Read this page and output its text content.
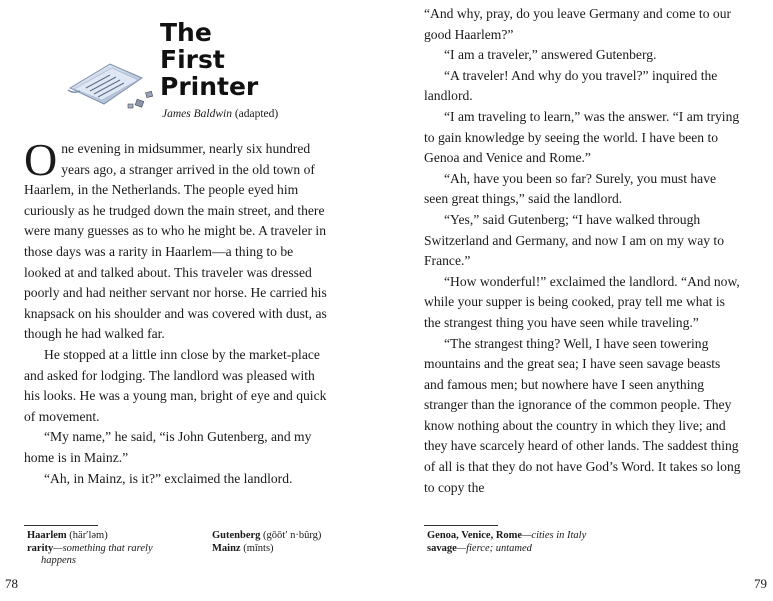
The
First
Printer
James Baldwin (adapted)

One evening in midsummer, nearly six hundred years ago, a stranger arrived in the old town of Haarlem, in the Netherlands. The people eyed him curiously as he trudged down the main street, and there were many guesses as to who he might be. A traveler in those days was a rarity in Haarlem—a thing to be looked at and talked about. This traveler was dressed poorly and had neither servant nor horse. He carried his knapsack on his shoulder and was covered with dust, as though he had walked far.

He stopped at a little inn close by the market-place and asked for lodging. The landlord was pleased with his looks. He was a young man, bright of eye and quick of movement.

“My name,” he said, “is John Gutenberg, and my home is in Mainz.”

“Ah, in Mainz, is it?” exclaimed the landlord.

Haarlem (här′ləm)
rarity—something that rarely
happens
Gutenberg (gōōt′ n·bûrg)
Mainz (mīnts)
78

“And why, pray, do you leave Germany and come to our good Haarlem?”

“I am a traveler,” answered Gutenberg.

“A traveler! And why do you travel?” inquired the landlord.

“I am traveling to learn,” was the answer. “I am trying to gain knowledge by seeing the world. I have been to Genoa and Venice and Rome.”

“Ah, have you been so far? Surely, you must have seen great things,” said the landlord.

“Yes,” said Gutenberg; “I have walked through Switzerland and Germany, and now I am on my way to France.”

“How wonderful!” exclaimed the landlord. “And now, while your supper is being cooked, pray tell me what is the strangest thing you have seen while traveling.”

“The strangest thing? Well, I have seen towering mountains and the great sea; I have seen savage beasts and famous men; but nowhere have I seen anything stranger than the ignorance of the common people. They know nothing about the country in which they live; and they have scarcely heard of other lands. The saddest thing of all is that they do not have God’s Word. It takes so long to copy the

Genoa, Venice, Rome—cities in Italy
savage—fierce; untamed
79
